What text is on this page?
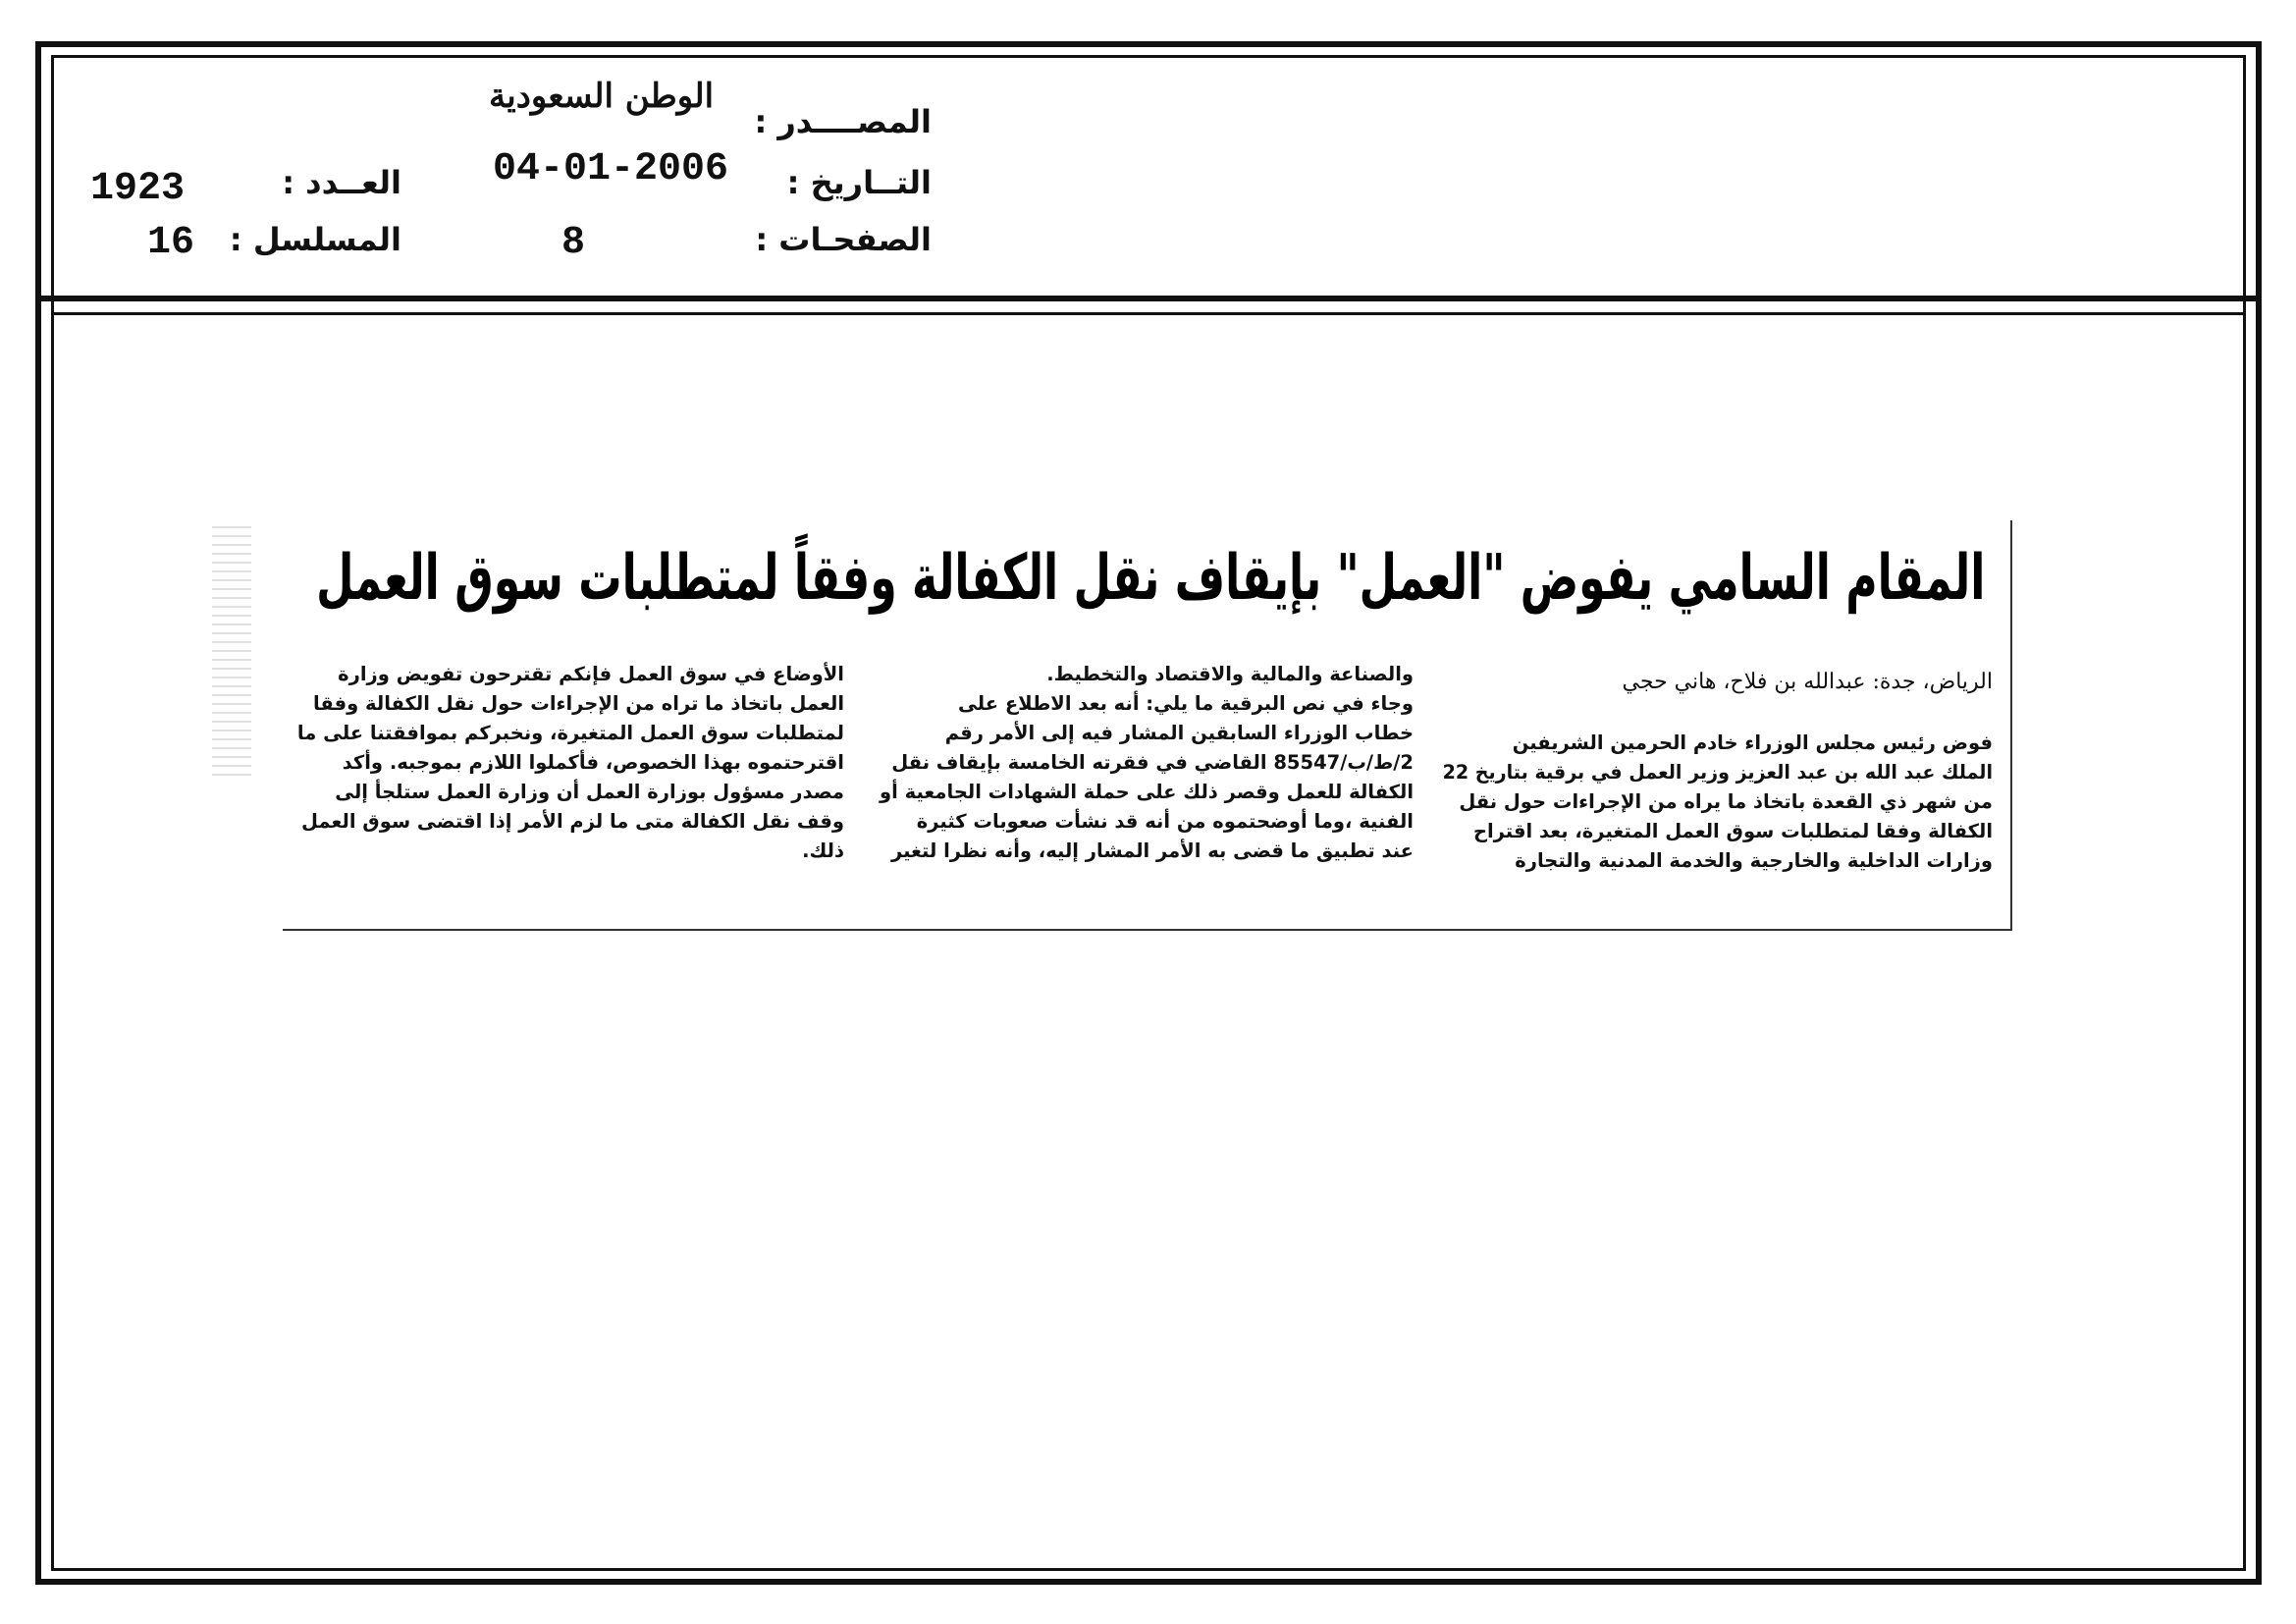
المصــــدر :
الوطن السعودية
التــاريخ :
04-01-2006
الصفحـات :
8
العــدد :
1923
المسلسل :
16
المقام السامي يفوض "العمل" بإيقاف نقل الكفالة وفقاً لمتطلبات سوق العمل
الرياض، جدة: عبدالله بن فلاح، هاني حجي
فوض رئيس مجلس الوزراء خادم الحرمين الشريفين
الملك عبد الله بن عبد العزيز وزير العمل في برقية بتاريخ 22
من شهر ذي القعدة باتخاذ ما يراه من الإجراءات حول نقل
الكفالة وفقا لمتطلبات سوق العمل المتغيرة، بعد اقتراح
وزارات الداخلية والخارجية والخدمة المدنية والتجارة
والصناعة والمالية والاقتصاد والتخطيط.
وجاء في نص البرقية ما يلي: أنه بعد الاطلاع على
خطاب الوزراء السابقين المشار فيه إلى الأمر رقم
2/ط/ب/85547 القاضي في فقرته الخامسة بإيقاف نقل
الكفالة للعمل وقصر ذلك على حملة الشهادات الجامعية أو
الفنية ،وما أوضحتموه من أنه قد نشأت صعوبات كثيرة
عند تطبيق ما قضى به الأمر المشار إليه، وأنه نظرا لتغير
الأوضاع في سوق العمل فإنكم تقترحون تفويض وزارة
العمل باتخاذ ما تراه من الإجراءات حول نقل الكفالة وفقا
لمتطلبات سوق العمل المتغيرة، ونخبركم بموافقتنا على ما
اقترحتموه بهذا الخصوص، فأكملوا اللازم بموجبه. وأكد
مصدر مسؤول بوزارة العمل أن وزارة العمل ستلجأ إلى
وقف نقل الكفالة متى ما لزم الأمر إذا اقتضى سوق العمل
ذلك.
